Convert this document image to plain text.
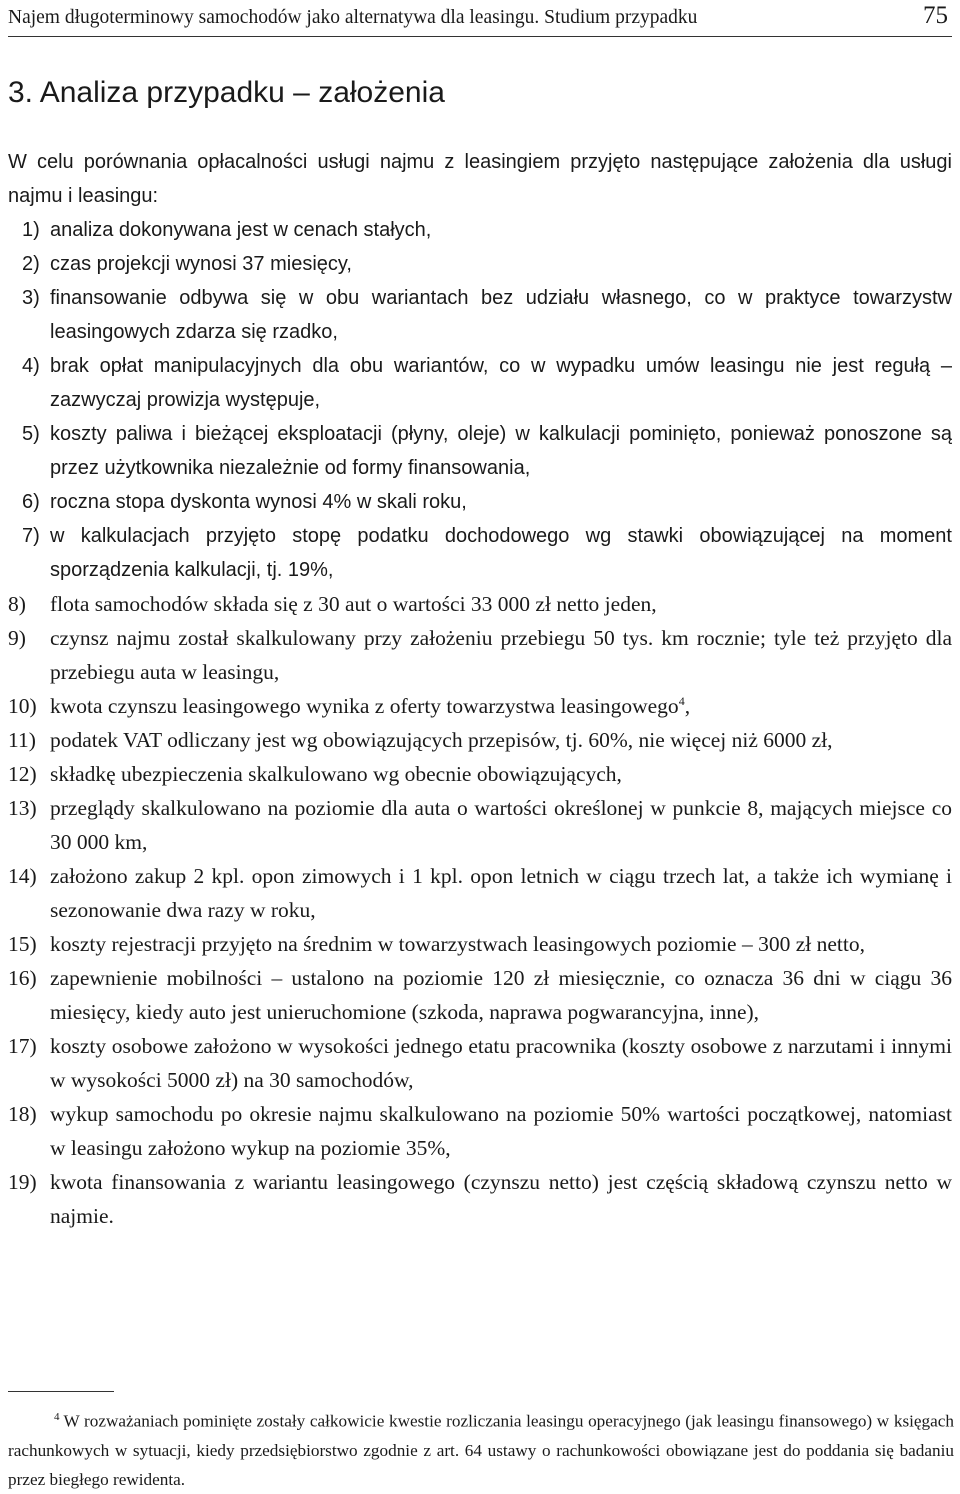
Najem długoterminowy samochodów jako alternatywa dla leasingu. Studium przypadku	75
3. Analiza przypadku – założenia

W celu porównania opłacalności usługi najmu z leasingiem przyjęto następujące założenia dla usługi najmu i leasingu:

1) analiza dokonywana jest w cenach stałych,
2) czas projekcji wynosi 37 miesięcy,
3) finansowanie odbywa się w obu wariantach bez udziału własnego, co w praktyce towarzystw leasingowych zdarza się rzadko,
4) brak opłat manipulacyjnych dla obu wariantów, co w wypadku umów leasingu nie jest regułą – zazwyczaj prowizja występuje,
5) koszty paliwa i bieżącej eksploatacji (płyny, oleje) w kalkulacji pominięto, ponieważ ponoszone są przez użytkownika niezależnie od formy finansowania,
6) roczna stopa dyskonta wynosi 4% w skali roku,
7) w kalkulacjach przyjęto stopę podatku dochodowego wg stawki obowiązującej na moment sporządzenia kalkulacji, tj. 19%,
8) flota samochodów składa się z 30 aut o wartości 33 000 zł netto jeden,
9) czynsz najmu został skalkulowany przy założeniu przebiegu 50 tys. km rocznie; tyle też przyjęto dla przebiegu auta w leasingu,
10) kwota czynszu leasingowego wynika z oferty towarzystwa leasingowego$^4$,
11) podatek VAT odliczany jest wg obowiązujących przepisów, tj. 60%, nie więcej niż 6000 zł,
12) składkę ubezpieczenia skalkulowano wg obecnie obowiązujących,
13) przeglądy skalkulowano na poziomie dla auta o wartości określonej w punkcie 8, mających miejsce co 30 000 km,
14) założono zakup 2 kpl. opon zimowych i 1 kpl. opon letnich w ciągu trzech lat, a także ich wymianę i sezonowanie dwa razy w roku,
15) koszty rejestracji przyjęto na średnim w towarzystwach leasingowych poziomie – 300 zł netto,
16) zapewnienie mobilności – ustalono na poziomie 120 zł miesięcznie, co oznacza 36 dni w ciągu 36 miesięcy, kiedy auto jest unieruchomione (szkoda, naprawa pogwarancyjna, inne),
17) koszty osobowe założono w wysokości jednego etatu pracownika (koszty osobowe z narzutami i innymi w wysokości 5000 zł) na 30 samochodów,
18) wykup samochodu po okresie najmu skalkulowano na poziomie 50% wartości początkowej, natomiast w leasingu założono wykup na poziomie 35%,
19) kwota finansowania z wariantu leasingowego (czynszu netto) jest częścią składową czynszu netto w najmie.

$^4$ W rozważaniach pominięte zostały całkowicie kwestie rozliczania leasingu operacyjnego (jak leasingu finansowego) w księgach rachunkowych w sytuacji, kiedy przedsiębiorstwo zgodnie z art. 64 ustawy o rachunkowości obowiązane jest do poddania się badaniu przez biegłego rewidenta.
